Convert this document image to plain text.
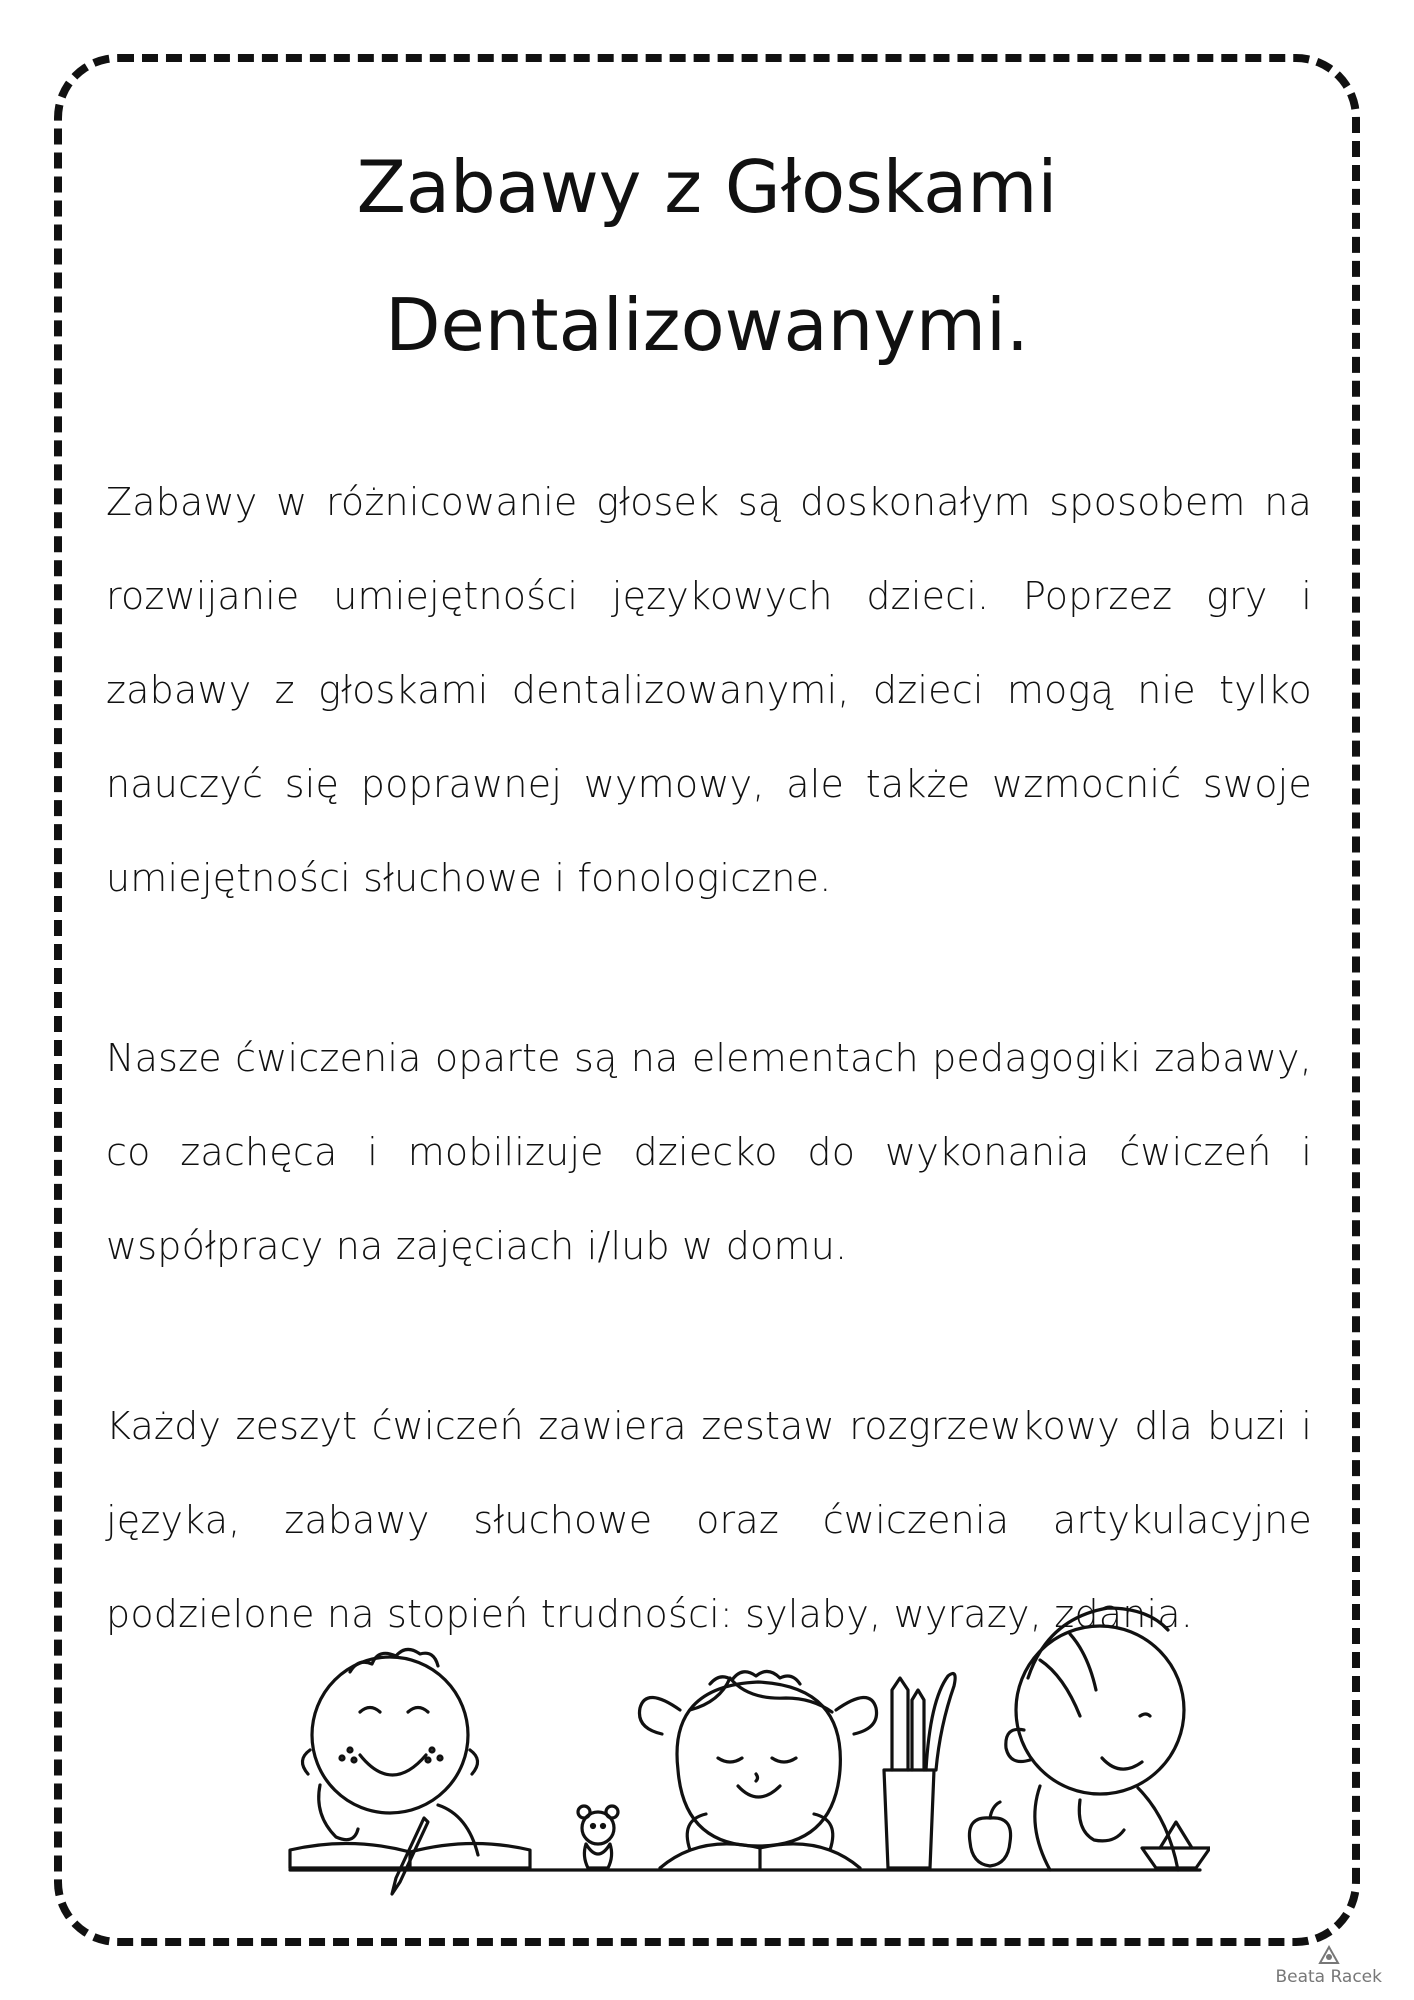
Zabawy z Głoskami
Dentalizowanymi.

Zabawy w różnicowanie głosek są doskonałym sposobem na rozwijanie umiejętności językowych dzieci. Poprzez gry i zabawy z głoskami dentalizowanymi, dzieci mogą nie tylko nauczyć się poprawnej wymowy, ale także wzmocnić swoje umiejętności słuchowe i fonologiczne.

Nasze ćwiczenia oparte są na elementach pedagogiki zabawy, co zachęca i mobilizuje dziecko do wykonania ćwiczeń i współpracy na zajęciach i/lub w domu.

Każdy zeszyt ćwiczeń zawiera zestaw rozgrzewkowy dla buzi i języka, zabawy słuchowe oraz ćwiczenia artykulacyjne podzielone na stopień trudności: sylaby, wyrazy, zdania.

Beata Racek
